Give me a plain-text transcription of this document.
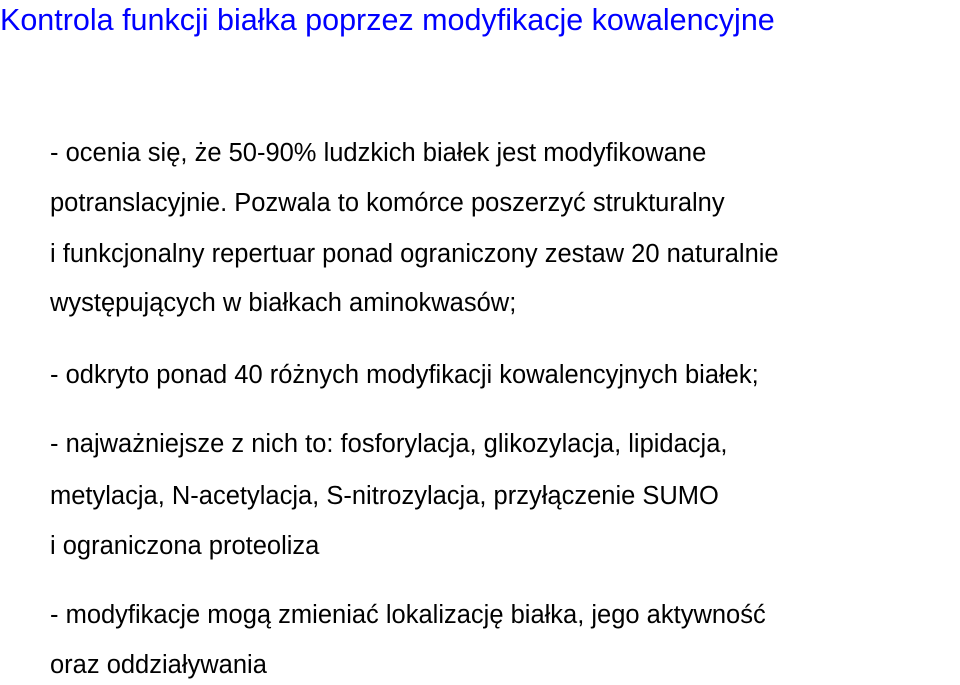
Kontrola funkcji białka poprzez modyfikacje kowalencyjne
- ocenia się, że 50-90% ludzkich białek jest modyfikowane
potranslacyjnie. Pozwala to komórce poszerzyć strukturalny
i funkcjonalny repertuar ponad ograniczony zestaw 20 naturalnie
występujących w białkach aminokwasów;
- odkryto ponad 40 różnych modyfikacji kowalencyjnych białek;
- najważniejsze z nich to: fosforylacja, glikozylacja, lipidacja,
metylacja, N-acetylacja, S-nitrozylacja, przyłączenie SUMO
i ograniczona proteoliza
- modyfikacje mogą zmieniać lokalizację białka, jego aktywność
oraz oddziaływania
